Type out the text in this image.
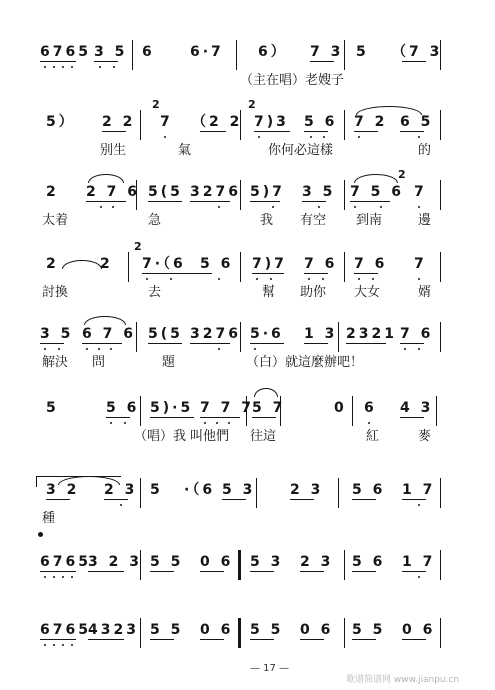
6765 3 5 6	6·7 6） 7 3 5 （7 3
（主在唱）老嫂子
2	2
5） 2 2 7 （2 2 7)3 5 6 7 2 6 5
别生	氣	你何必這樣	的
2
2 2 7 6 5(5 3276 5)7 3 5 7 5 6 7
太着	急	我 有空 到南	邊
2
2	2 7·（6 5 6 7)7 7 6 7 6 7
討換	去	幫 助你 大女	婿
3 5 6 7 6 5(5 3276 5·6 1 3 2321 7 6
解決 問	題	（白）就這麼辦吧！
5	5 6 5)·5 7 7 7
5 7	0 6 4 3
（唱）我 叫他們 往這	紅	麥
3 2 2 3 5 ·（6 5 3 2 3 5 6 1 7
種
6765
3 2 3 5 5 0 6 5 3 2 3 5 6 1 7
6765
4323 5 5 0 6 5 5 0 6 5 5 0 6
— 17 —
歌谱简谱网 www.jianpu.cn
